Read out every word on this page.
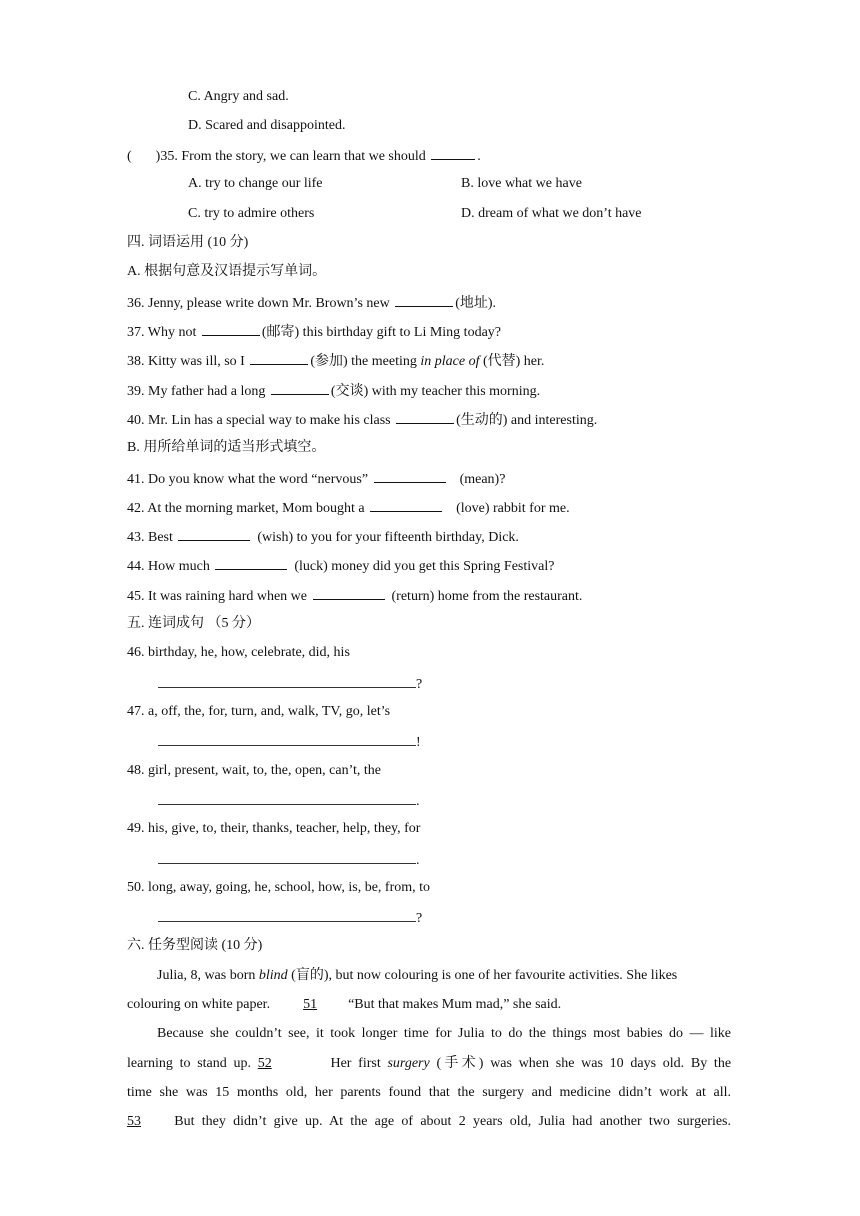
C. Angry and sad.
D. Scared and disappointed.
( )35. From the story, we can learn that we should	.
A. try to change our life	B. love what we have
C. try to admire others	D. dream of what we don’t have
四. 词语运用 (10 分)
A. 根据句意及汉语提示写单词。
36. Jenny, please write down Mr. Brown’s new	(地址).
37. Why not	(邮寄) this birthday gift to Li Ming today?
38. Kitty was ill, so I	(参加) the meeting in place of (代替) her.
39. My father had a long	(交谈) with my teacher this morning.
40. Mr. Lin has a special way to make his class	(生动的) and interesting.
B. 用所给单词的适当形式填空。
41. Do you know what the word “nervous”	(mean)?
42. At the morning market, Mom bought a	(love) rabbit for me.
43. Best	(wish) to you for your fifteenth birthday, Dick.
44. How much	(luck) money did you get this Spring Festival?
45. It was raining hard when we	(return) home from the restaurant.
五. 连词成句 （5 分）
46. birthday, he, how, celebrate, did, his
?
47. a, off, the, for, turn, and, walk, TV, go, let’s
!
48. girl, present, wait, to, the, open, can’t, the
.
49. his, give, to, their, thanks, teacher, help, they, for
.
50. long, away, going, he, school, how, is, be, from, to
?
六. 任务型阅读 (10 分)
Julia, 8, was born blind (盲的), but now colouring is one of her favourite activities. She likes
colouring on white paper. 51 “But that makes Mum mad,” she said.
Because she couldn’t see, it took longer time for Julia to do the things most babies do — like
learning to stand up. 52	Her first surgery (手术) was when she was 10 days old. By the
time she was 15 months old, her parents found that the surgery and medicine didn’t work at all.
53 But they didn’t give up. At the age of about 2 years old, Julia had another two surgeries.
